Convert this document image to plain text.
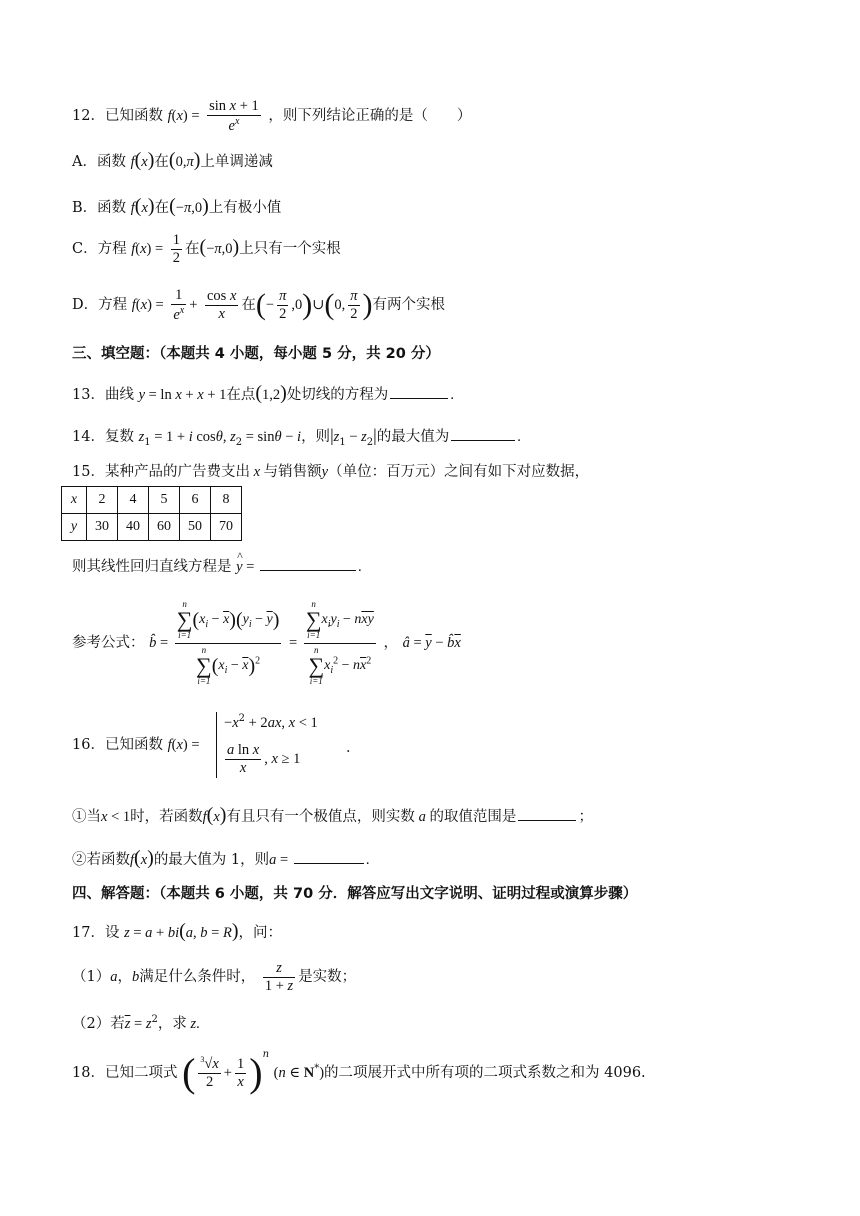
12．已知函数 $f(x) = \frac{\text{sin x + 1}}{e^x}$ ，则下列结论正确的是（　　）
A．函数 f(x)在(0,π)上单调递减
B．函数 f(x)在(−π,0)上有极小值
C．方程 $f(x) = \frac{1}{2}$ 在(−π,0)上只有一个实根
D．方程 $f(x) = \frac{1}{e^x} + \frac{\text{cos x}}{x}$ 在(− $\frac{\pi}{2}$ ,0)∪(0, $\frac{\pi}{2}$ )有两个实根
三、填空题：（本题共 4 小题，每小题 5 分，共 20 分）
13．曲线 y = ln x + x + 1在点(1,2)处切线的方程为	.
14．复数 $z_1 = 1 + i$ cosθ, $z_2 = \sin\theta - i$，则$|z_1 - z_2|$的最大值为	.
15．某种产品的广告费支出 x 与销售额y（单位：百万元）之间有如下对应数据，
x	2	4	5	6	8
y	30	40	60	50	70
则其线性回归直线方程是 y
^
=	.
参考公式： b̂ = n
∑
i=1
$(x_i - \overline{x})(y_i - \overline{y})$
n
∑
i=1
$(x_i - \overline{x})^2 = n$
∑
i=1
$x_iy_i - n\overline{xy}$
n
∑
i=1
$x_i^2 - n\overline{x}^2$ ， â = $\overline{y}$ − $b̂\overline{x}$
16．已知函数 f(x) =
$-x^2 + 2ax$, x < 1
$\frac{\text{a ln x}}{x}$ , x ≥ 1
．
①当x < 1时，若函数f(x)有且只有一个极值点，则实数 a 的取值范围是	；
②若函数f(x)的最大值为 1，则a =	.
四、解答题：（本题共 6 小题，共 70 分．解答应写出文字说明、证明过程或演算步骤）
17．设 z = a + bi(a, b = R)，问：
（1）a，b满足什么条件时， $\frac{z}{1 + z}$ 是实数；
（2）若$\overline{z} = z^2$，求 z.
18．已知二项式 ( $\frac{^3√x}{2} + \frac{1}{x} )^n$ (n ∈ N*)的二项展开式中所有项的二项式系数之和为 4096.
